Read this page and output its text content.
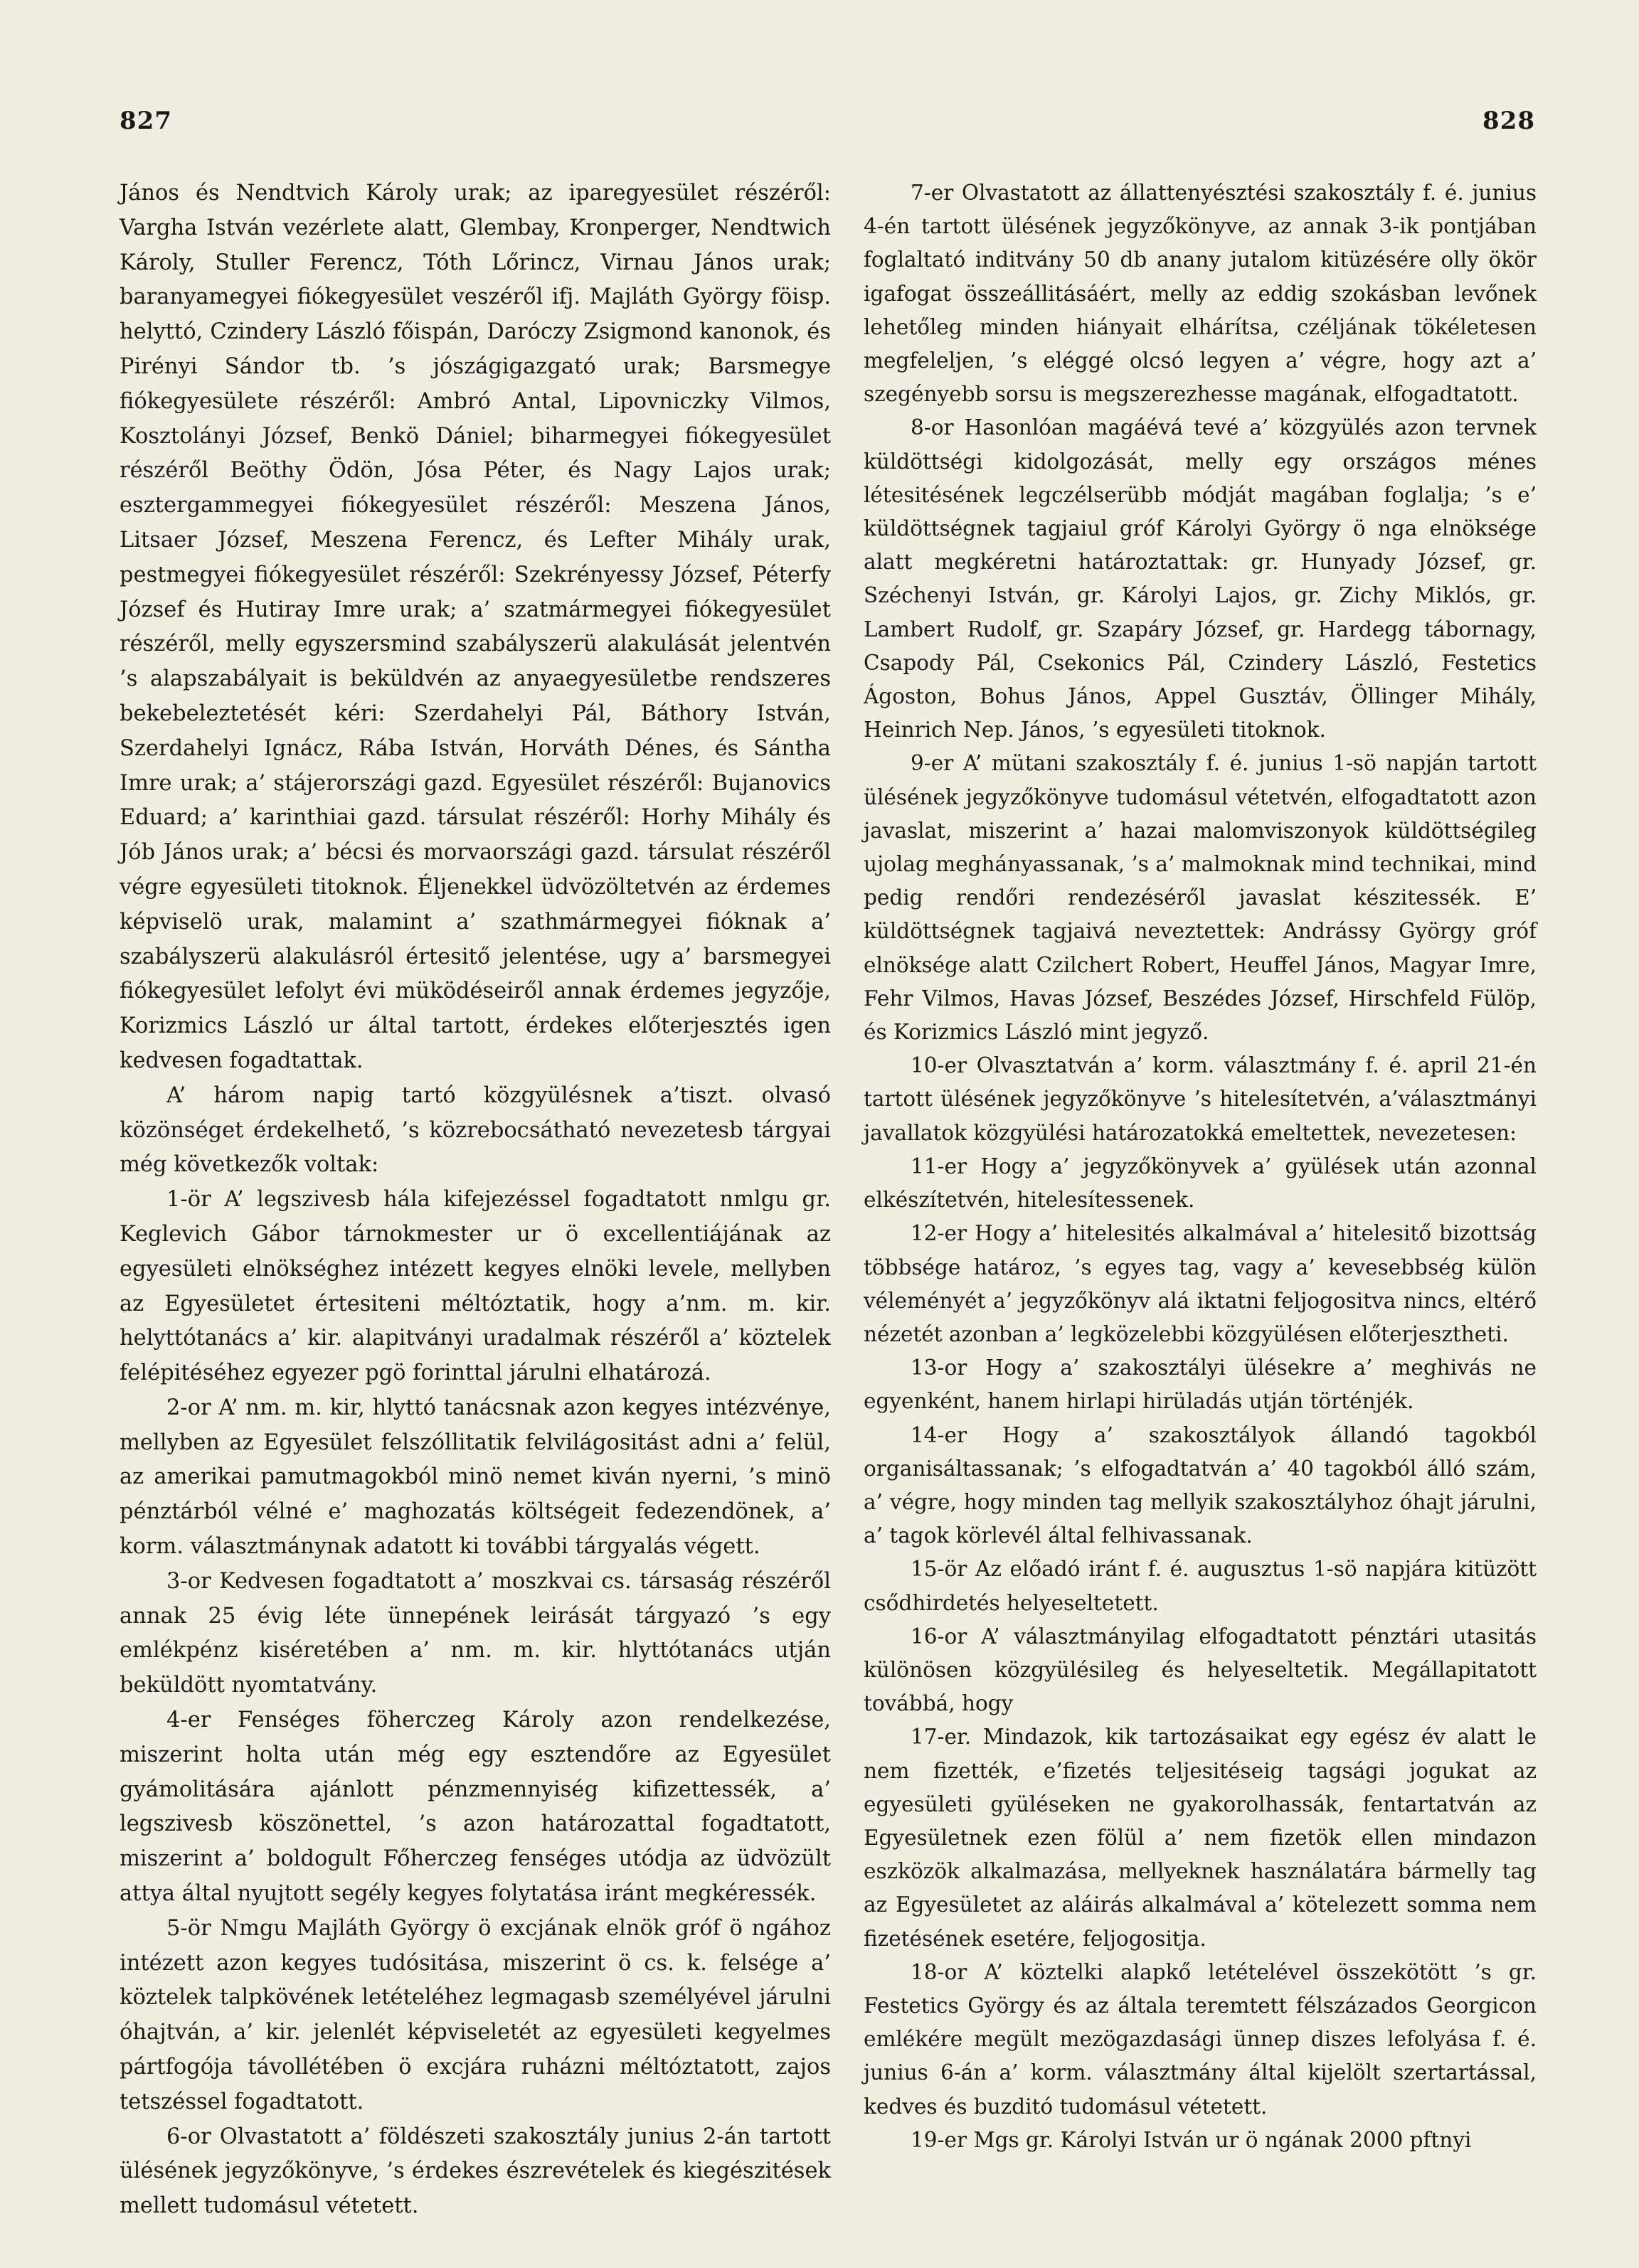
827	828

János és Nendtvich Károly urak; az iparegyesület részéről: Vargha István vezérlete alatt, Glembay, Kronperger, Nendtwich Károly, Stuller Ferencz, Tóth Lőrincz, Virnau János urak; baranyamegyei fiókegyesület veszéről ifj. Majláth György föisp. helyttó, Czindery László főispán, Daróczy Zsigmond kanonok, és Pirényi Sándor tb. ’s jószágigazgató urak; Barsmegye fiókegyesülete részéről: Ambró Antal, Lipovniczky Vilmos, Kosztolányi József, Benkö Dániel; biharmegyei fiókegyesület részéről Beöthy Ödön, Jósa Péter, és Nagy Lajos urak; esztergammegyei fiókegyesület részéről: Meszena János, Litsaer József, Meszena Ferencz, és Lefter Mihály urak, pestmegyei fiókegyesület részéről: Szekrényessy József, Péterfy József és Hutiray Imre urak; a’ szatmármegyei fiókegyesület részéről, melly egyszersmind szabályszerü alakulását jelentvén ’s alapszabályait is beküldvén az anyaegyesületbe rendszeres bekebeleztetését kéri: Szerdahelyi Pál, Báthory István, Szerdahelyi Ignácz, Rába István, Horváth Dénes, és Sántha Imre urak; a’ stájerországi gazd. Egyesület részéről: Bujanovics Eduard; a’ karinthiai gazd. társulat részéről: Horhy Mihály és Jób János urak; a’ bécsi és morvaországi gazd. társulat részéről végre egyesületi titoknok. Éljenekkel üdvözöltetvén az érdemes képviselö urak, malamint a’ szathmármegyei fióknak a’ szabályszerü alakulásról értesitő jelentése, ugy a’ barsmegyei fiókegyesület lefolyt évi müködéseiről annak érdemes jegyzője, Korizmics László ur által tartott, érdekes előterjesztés igen kedvesen fogadtattak.

A’ három napig tartó közgyülésnek a’tiszt. olvasó közönséget érdekelhető, ’s közrebocsátható nevezetesb tárgyai még következők voltak:

1-ör A’ legszivesb hála kifejezéssel fogadtatott nmlgu gr. Keglevich Gábor tárnokmester ur ö excellentiájának az egyesületi elnökséghez intézett kegyes elnöki levele, mellyben az Egyesületet értesiteni méltóztatik, hogy a’nm. m. kir. helyttótanács a’ kir. alapitványi uradalmak részéről a’ köztelek felépitéséhez egyezer pgö forinttal járulni elhatározá.

2-or A’ nm. m. kir, hlyttó tanácsnak azon kegyes intézvénye, mellyben az Egyesület felszóllitatik felvilágositást adni a’ felül, az amerikai pamutmagokból minö nemet kiván nyerni, ’s minö pénztárból vélné e’ maghozatás költségeit fedezendönek, a’ korm. választmánynak adatott ki további tárgyalás végett.

3-or Kedvesen fogadtatott a’ moszkvai cs. társaság részéről annak 25 évig léte ünnepének leirását tárgyazó ’s egy emlékpénz kiséretében a’ nm. m. kir. hlyttótanács utján beküldött nyomtatvány.

4-er Fenséges föherczeg Károly azon rendelkezése, miszerint holta után még egy esztendőre az Egyesület gyámolitására ajánlott pénzmennyiség kifizettessék, a’ legszivesb köszönettel, ’s azon határozattal fogadtatott, miszerint a’ boldogult Főherczeg fenséges utódja az üdvözült attya által nyujtott segély kegyes folytatása iránt megkéressék.

5-ör Nmgu Majláth György ö excjának elnök gróf ö ngához intézett azon kegyes tudósitása, miszerint ö cs. k. felsége a’ köztelek talpkövének letételéhez legmagasb személyével járulni óhajtván, a’ kir. jelenlét képviseletét az egyesületi kegyelmes pártfogója távollétében ö excjára ruházni méltóztatott, zajos tetszéssel fogadtatott.

6-or Olvastatott a’ földészeti szakosztály junius 2-án tartott ülésének jegyzőkönyve, ’s érdekes észrevételek és kiegészitések mellett tudomásul vétetett.

7-er Olvastatott az állattenyésztési szakosztály f. é. junius 4-én tartott ülésének jegyzőkönyve, az annak 3-ik pontjában foglaltató inditvány 50 db anany jutalom kitüzésére olly ökör igafogat összeállitásáért, melly az eddig szokásban levőnek lehetőleg minden hiányait elhárítsa, czéljának tökéletesen megfeleljen, ’s eléggé olcsó legyen a’ végre, hogy azt a’ szegényebb sorsu is megszerezhesse magának, elfogadtatott.

8-or Hasonlóan magáévá tevé a’ közgyülés azon tervnek küldöttségi kidolgozását, melly egy országos ménes létesitésének legczélserübb módját magában foglalja; ’s e’ küldöttségnek tagjaiul gróf Károlyi György ö nga elnöksége alatt megkéretni határoztattak: gr. Hunyady József, gr. Széchenyi István, gr. Károlyi Lajos, gr. Zichy Miklós, gr. Lambert Rudolf, gr. Szapáry József, gr. Hardegg tábornagy, Csapody Pál, Csekonics Pál, Czindery László, Festetics Ágoston, Bohus János, Appel Gusztáv, Öllinger Mihály, Heinrich Nep. János, ’s egyesületi titoknok.

9-er A’ mütani szakosztály f. é. junius 1-sö napján tartott ülésének jegyzőkönyve tudomásul vétetvén, elfogadtatott azon javaslat, miszerint a’ hazai malomviszonyok küldöttségileg ujolag meghányassanak, ’s a’ malmoknak mind technikai, mind pedig rendőri rendezéséről javaslat készitessék. E’ küldöttségnek tagjaivá neveztettek: Andrássy György gróf elnöksége alatt Czilchert Robert, Heuffel János, Magyar Imre, Fehr Vilmos, Havas József, Beszédes József, Hirschfeld Fülöp, és Korizmics László mint jegyző.

10-er Olvasztatván a’ korm. választmány f. é. april 21-én tartott ülésének jegyzőkönyve ’s hitelesítetvén, a’választmányi javallatok közgyülési határozatokká emeltettek, nevezetesen:

11-er Hogy a’ jegyzőkönyvek a’ gyülések után azonnal elkészítetvén, hitelesítessenek.

12-er Hogy a’ hitelesités alkalmával a’ hitelesitő bizottság többsége határoz, ’s egyes tag, vagy a’ kevesebbség külön véleményét a’ jegyzőkönyv alá iktatni feljogositva nincs, eltérő nézetét azonban a’ legközelebbi közgyülésen előterjesztheti.

13-or Hogy a’ szakosztályi ülésekre a’ meghivás ne egyenként, hanem hirlapi hirüladás utján történjék.

14-er Hogy a’ szakosztályok állandó tagokból organisáltassanak; ’s elfogadtatván a’ 40 tagokból álló szám, a’ végre, hogy minden tag mellyik szakosztályhoz óhajt járulni, a’ tagok körlevél által felhivassanak.

15-ör Az előadó iránt f. é. augusztus 1-sö napjára kitüzött csődhirdetés helyeseltetett.

16-or A’ választmányilag elfogadtatott pénztári utasitás különösen közgyülésileg és helyeseltetik. Megállapitatott továbbá, hogy

17-er. Mindazok, kik tartozásaikat egy egész év alatt le nem fizették, e’fizetés teljesitéseig tagsági jogukat az egyesületi gyüléseken ne gyakorolhassák, fentartatván az Egyesületnek ezen fölül a’ nem fizetök ellen mindazon eszközök alkalmazása, mellyeknek használatára bármelly tag az Egyesületet az aláirás alkalmával a’ kötelezett somma nem fizetésének esetére, feljogositja.

18-or A’ köztelki alapkő letételével összekötött ’s gr. Festetics György és az általa teremtett félszázados Georgicon emlékére megült mezögazdasági ünnep diszes lefolyása f. é. junius 6-án a’ korm. választmány által kijelölt szertartással, kedves és buzditó tudomásul vétetett.

19-er Mgs gr. Károlyi István ur ö ngának 2000 pftnyi
